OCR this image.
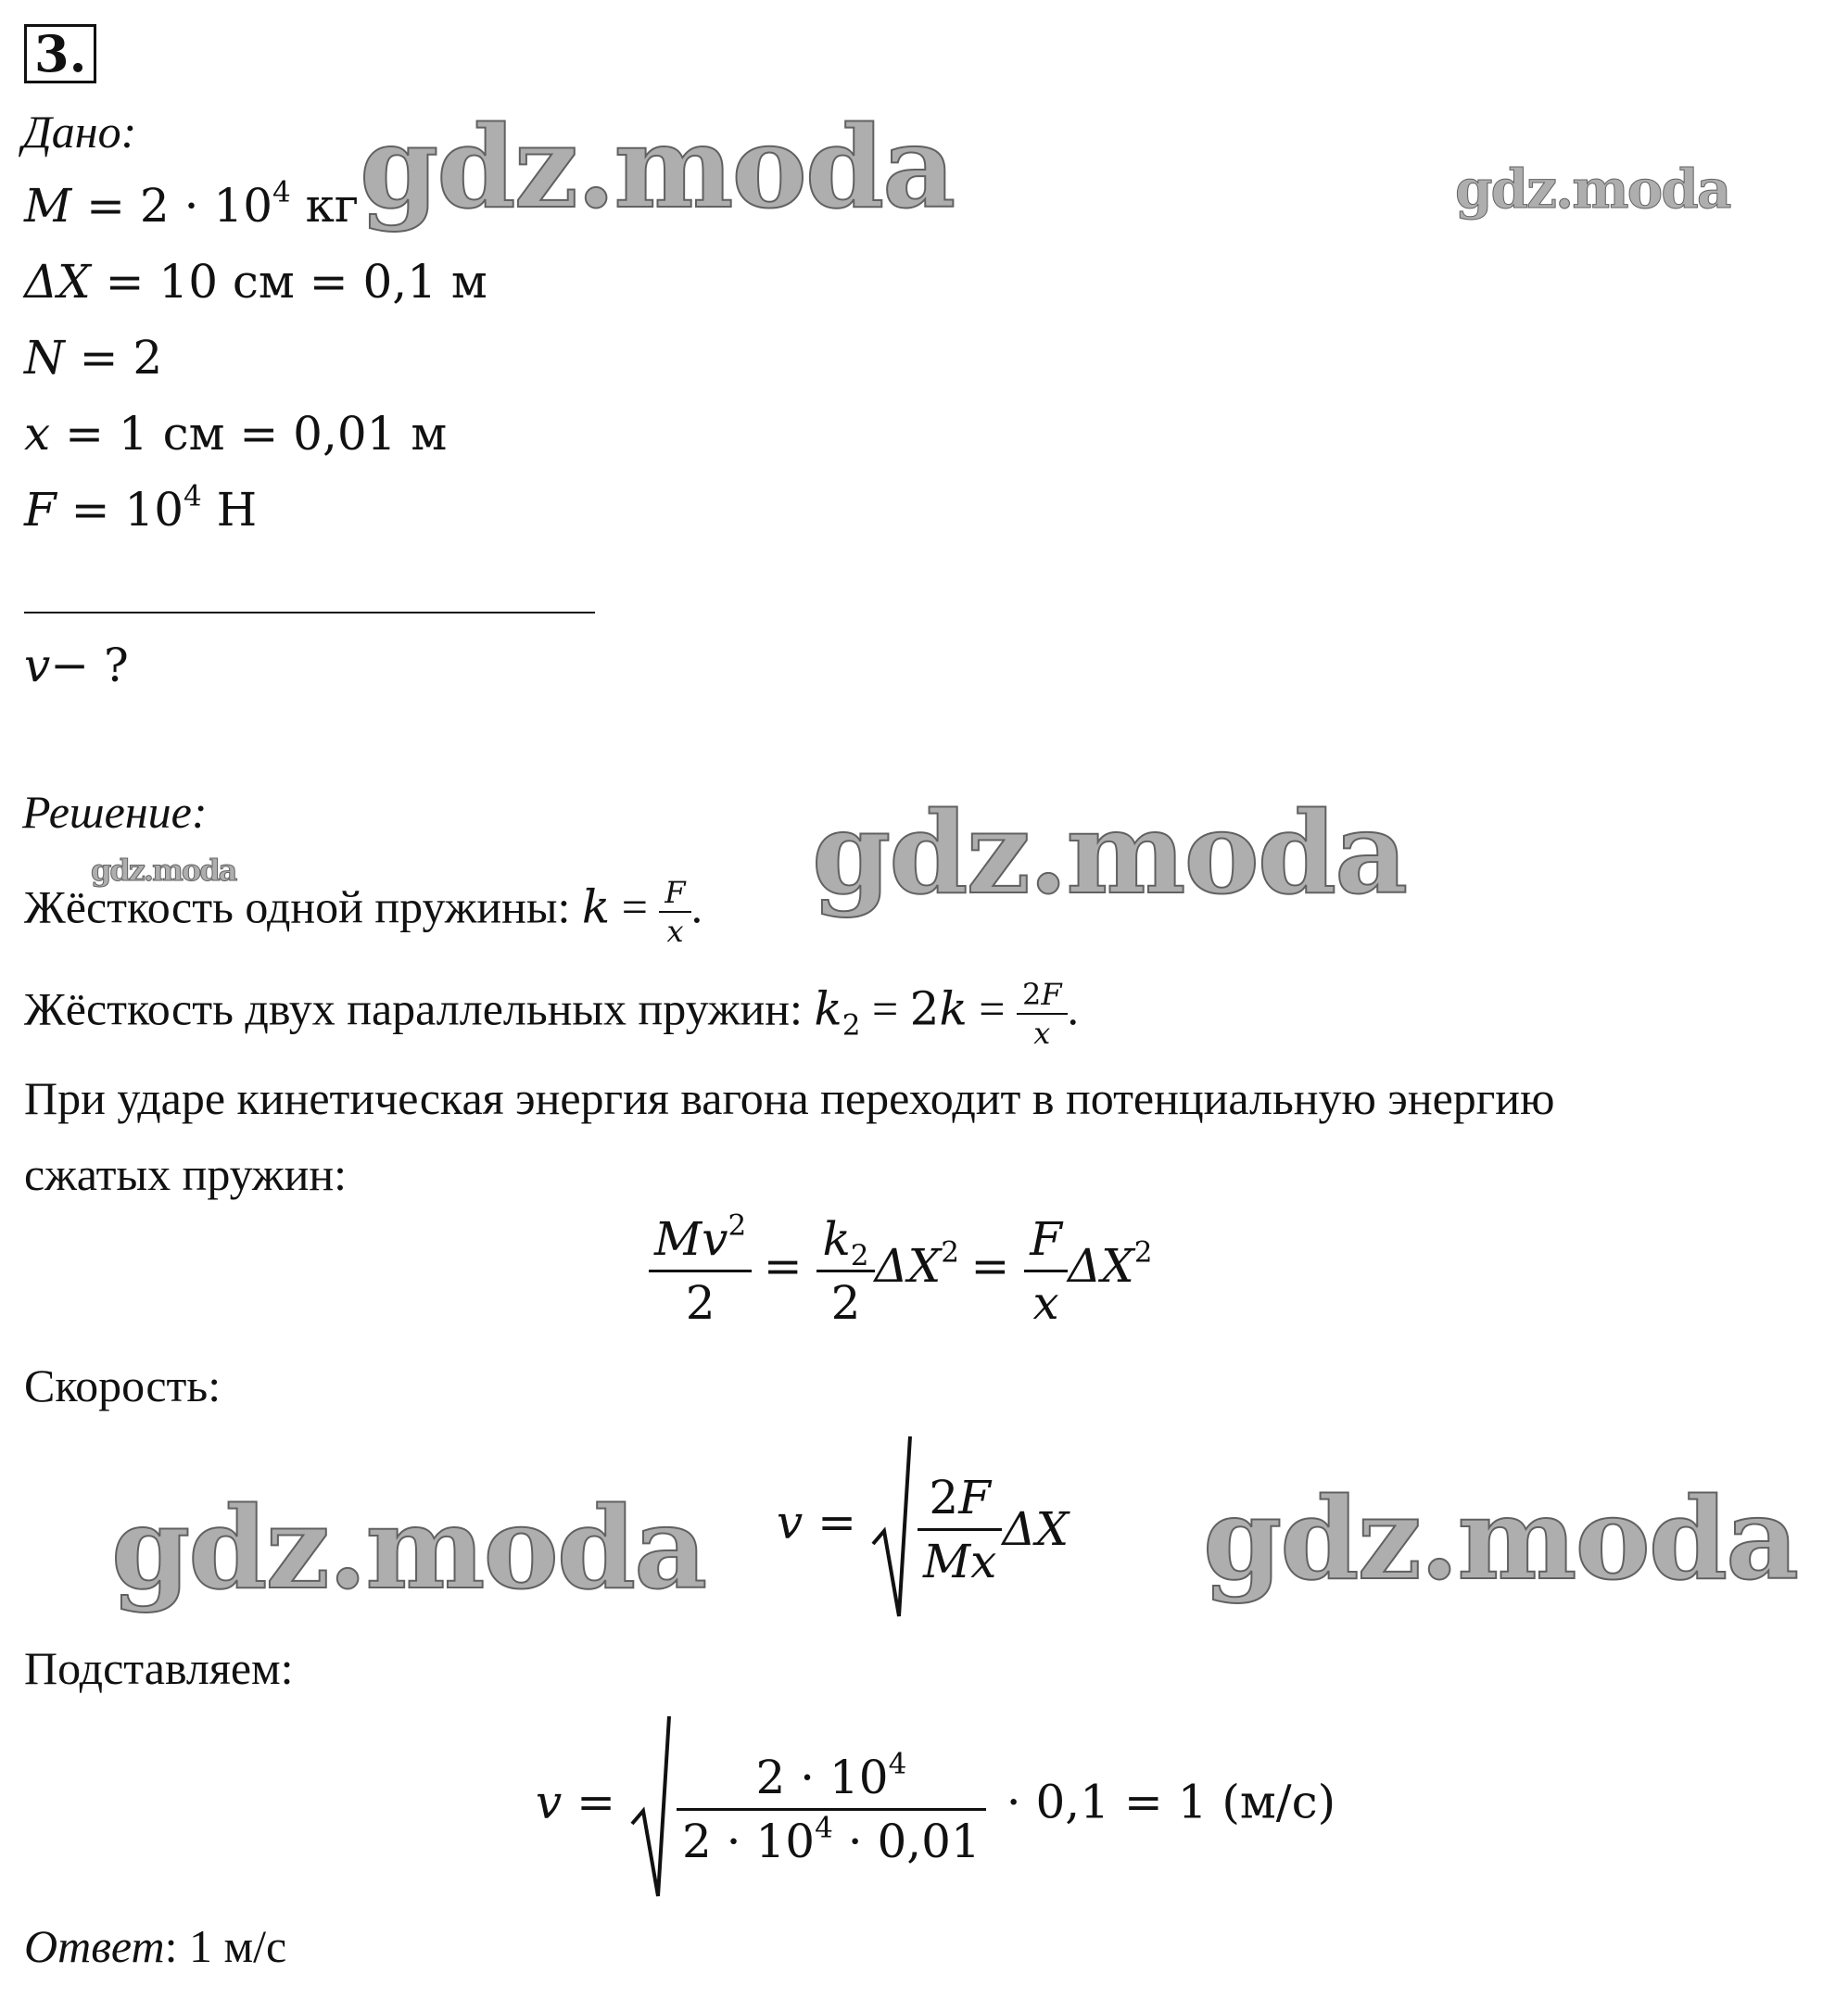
3.
Дано:
$M = 2 \cdot 10^4$ кг
ΔX = 10 см = 0,1 м
N = 2
x = 1 см = 0,01 м
$F = 10^4$ Н
v− ?
Решение:
Жёсткость одной пружины: $k = \frac{F}{x}$ .
Жёсткость двух параллельных пружин: $k_2 = 2k = \frac{2F}{x}$ .
При ударе кинетическая энергия вагона переходит в потенциальную энергию
сжатых пружин:
$\frac{Mv^2}{2} = \frac{k_2}{2} \Delta X^2 = \frac{F}{x} \Delta X^2$
Скорость:
$v = \frac{2F}{Mx}$ ΔX
Подставляем:
$v = \frac{2 \cdot 10^4}{2 \cdot 10^4 \cdot 0,01} \cdot 0,1 = 1$ (м/с)
Ответ: 1 м/с
gdz.moda	gdz.moda
gdz.moda
gdz.moda
gdz.moda	gdz.moda
